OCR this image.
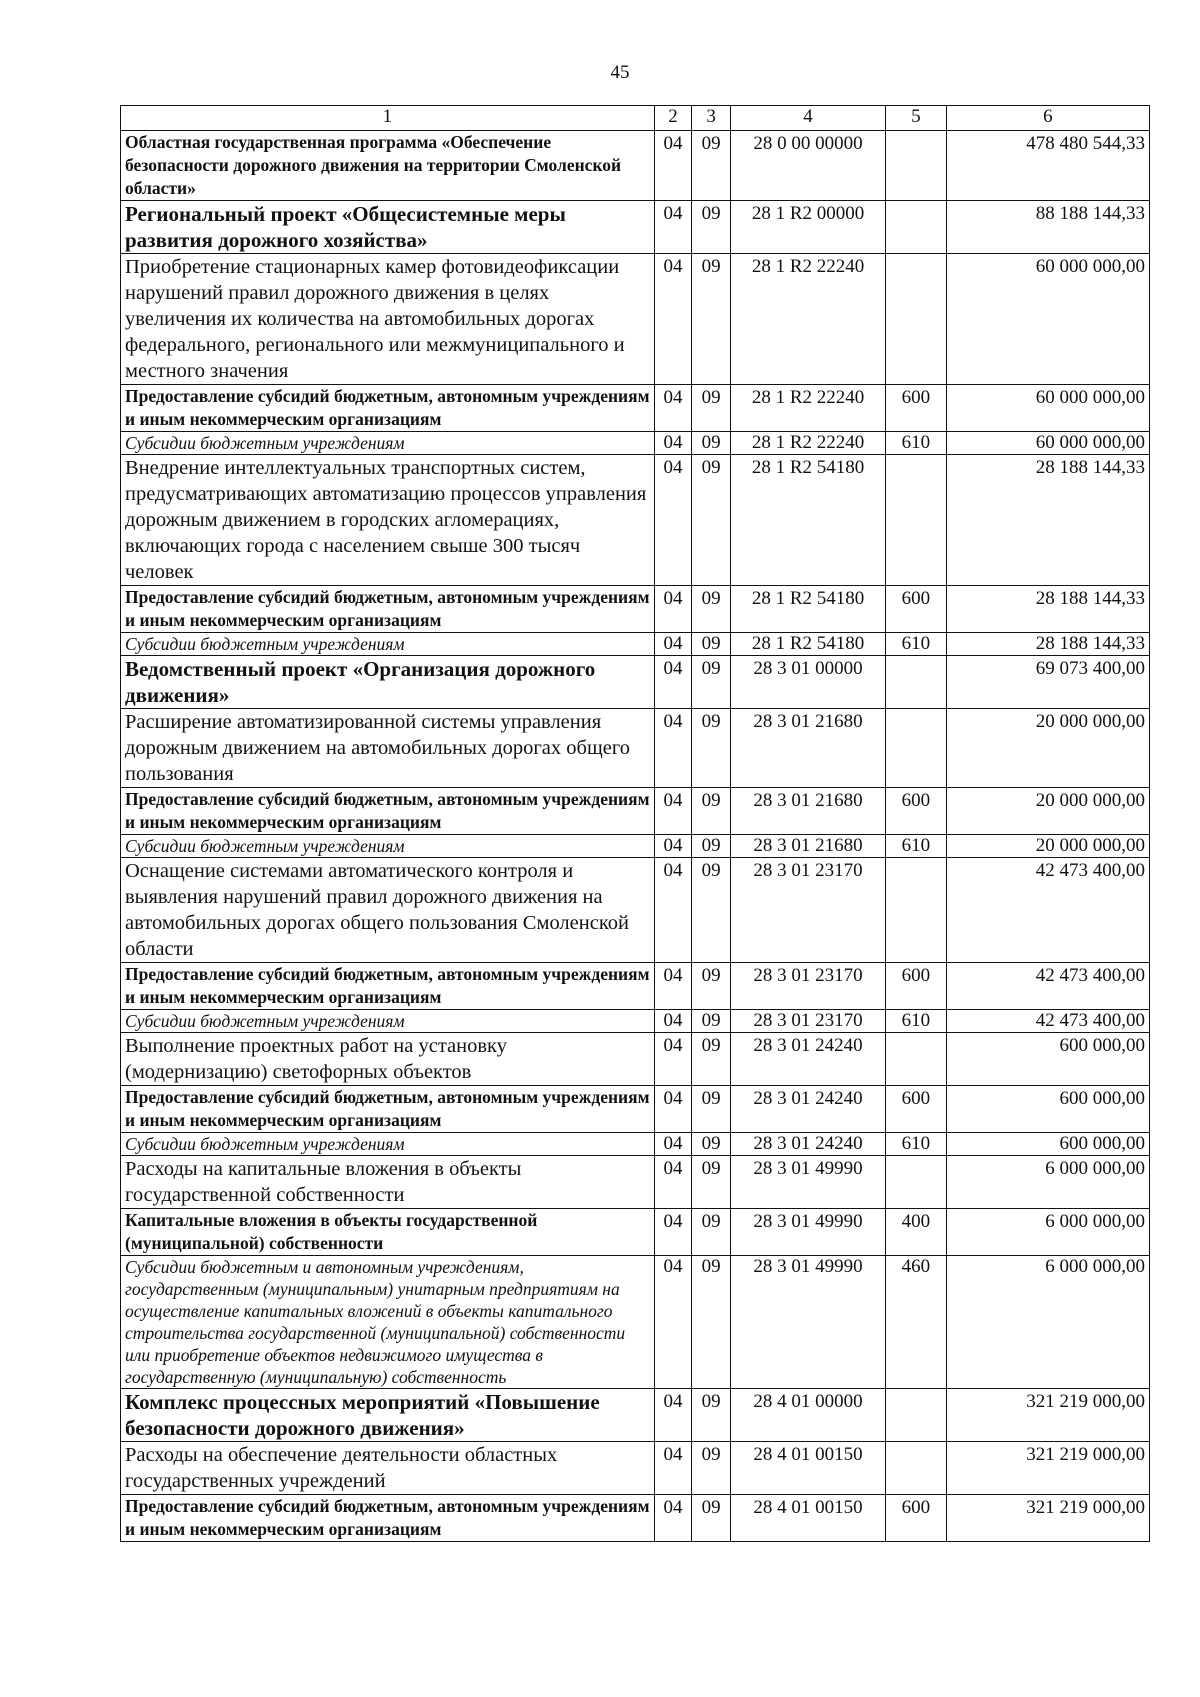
45
1	2	3	4	5	6
Областная государственная программа «Обеспечение безопасности дорожного движения на территории Смоленской области»	04	09	28 0 00 00000		478 480 544,33
Региональный проект «Общесистемные меры развития дорожного хозяйства»	04	09	28 1 R2 00000		88 188 144,33
Приобретение стационарных камер фотовидеофиксации нарушений правил дорожного движения в целях увеличения их количества на автомобильных дорогах федерального, регионального или межмуниципального и местного значения	04	09	28 1 R2 22240		60 000 000,00
Предоставление субсидий бюджетным, автономным учреждениям и иным некоммерческим организациям	04	09	28 1 R2 22240	600	60 000 000,00
Субсидии бюджетным учреждениям	04	09	28 1 R2 22240	610	60 000 000,00
Внедрение интеллектуальных транспортных систем, предусматривающих автоматизацию процессов управления дорожным движением в городских агломерациях, включающих города с населением свыше 300 тысяч человек	04	09	28 1 R2 54180		28 188 144,33
Предоставление субсидий бюджетным, автономным учреждениям и иным некоммерческим организациям	04	09	28 1 R2 54180	600	28 188 144,33
Субсидии бюджетным учреждениям	04	09	28 1 R2 54180	610	28 188 144,33
Ведомственный проект «Организация дорожного движения»	04	09	28 3 01 00000		69 073 400,00
Расширение автоматизированной системы управления дорожным движением на автомобильных дорогах общего пользования	04	09	28 3 01 21680		20 000 000,00
Предоставление субсидий бюджетным, автономным учреждениям и иным некоммерческим организациям	04	09	28 3 01 21680	600	20 000 000,00
Субсидии бюджетным учреждениям	04	09	28 3 01 21680	610	20 000 000,00
Оснащение системами автоматического контроля и выявления нарушений правил дорожного движения на автомобильных дорогах общего пользования Смоленской области	04	09	28 3 01 23170		42 473 400,00
Предоставление субсидий бюджетным, автономным учреждениям и иным некоммерческим организациям	04	09	28 3 01 23170	600	42 473 400,00
Субсидии бюджетным учреждениям	04	09	28 3 01 23170	610	42 473 400,00
Выполнение проектных работ на установку (модернизацию) светофорных объектов	04	09	28 3 01 24240		600 000,00
Предоставление субсидий бюджетным, автономным учреждениям и иным некоммерческим организациям	04	09	28 3 01 24240	600	600 000,00
Субсидии бюджетным учреждениям	04	09	28 3 01 24240	610	600 000,00
Расходы на капитальные вложения в объекты государственной собственности	04	09	28 3 01 49990		6 000 000,00
Капитальные вложения в объекты государственной (муниципальной) собственности	04	09	28 3 01 49990	400	6 000 000,00
Субсидии бюджетным и автономным учреждениям, государственным (муниципальным) унитарным предприятиям на осуществление капитальных вложений в объекты капитального строительства государственной (муниципальной) собственности или приобретение объектов недвижимого имущества в государственную (муниципальную) собственность	04	09	28 3 01 49990	460	6 000 000,00
Комплекс процессных мероприятий «Повышение безопасности дорожного движения»	04	09	28 4 01 00000		321 219 000,00
Расходы на обеспечение деятельности областных государственных учреждений	04	09	28 4 01 00150		321 219 000,00
Предоставление субсидий бюджетным, автономным учреждениям и иным некоммерческим организациям	04	09	28 4 01 00150	600	321 219 000,00
